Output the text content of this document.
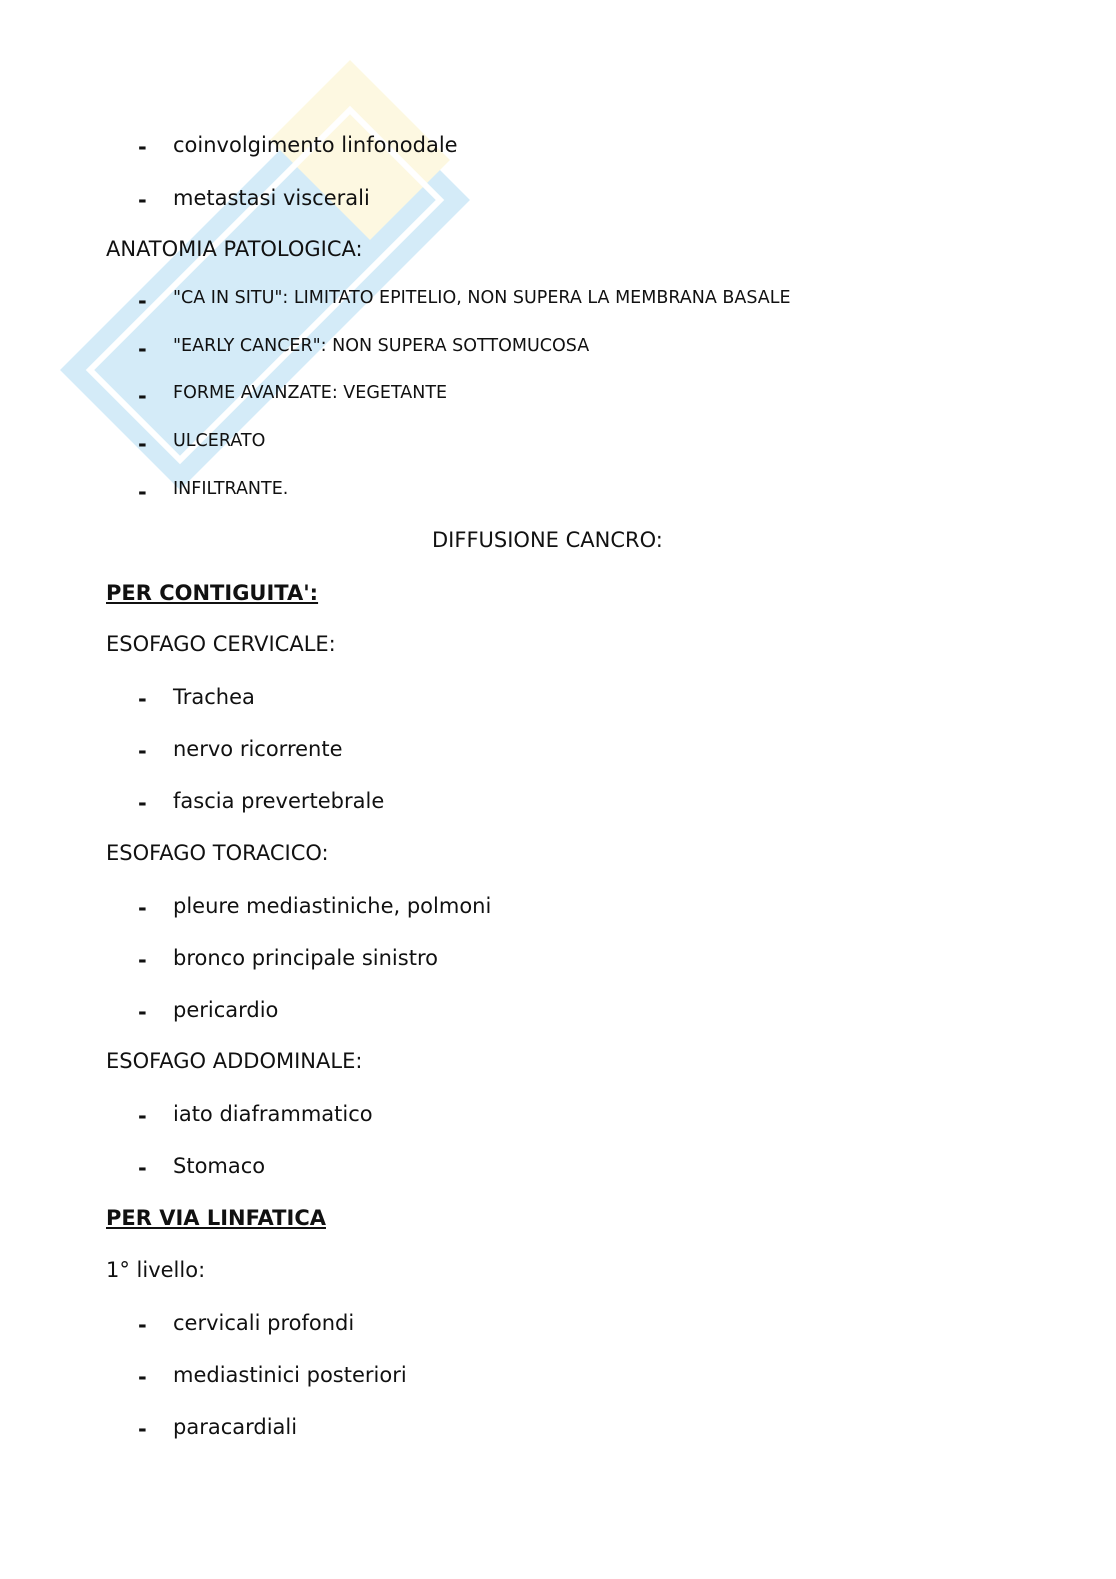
- coinvolgimento linfonodale
- metastasi viscerali
ANATOMIA PATOLOGICA:
- "CA IN SITU": LIMITATO EPITELIO, NON SUPERA LA MEMBRANA BASALE
- "EARLY CANCER": NON SUPERA SOTTOMUCOSA
- FORME AVANZATE: VEGETANTE
- ULCERATO
- INFILTRANTE.
DIFFUSIONE CANCRO:
PER CONTIGUITA':
ESOFAGO CERVICALE:
- Trachea
- nervo ricorrente
- fascia prevertebrale
ESOFAGO TORACICO:
- pleure mediastiniche, polmoni
- bronco principale sinistro
- pericardio
ESOFAGO ADDOMINALE:
- iato diaframmatico
- Stomaco
PER VIA LINFATICA
1° livello:
- cervicali profondi
- mediastinici posteriori
- paracardiali
